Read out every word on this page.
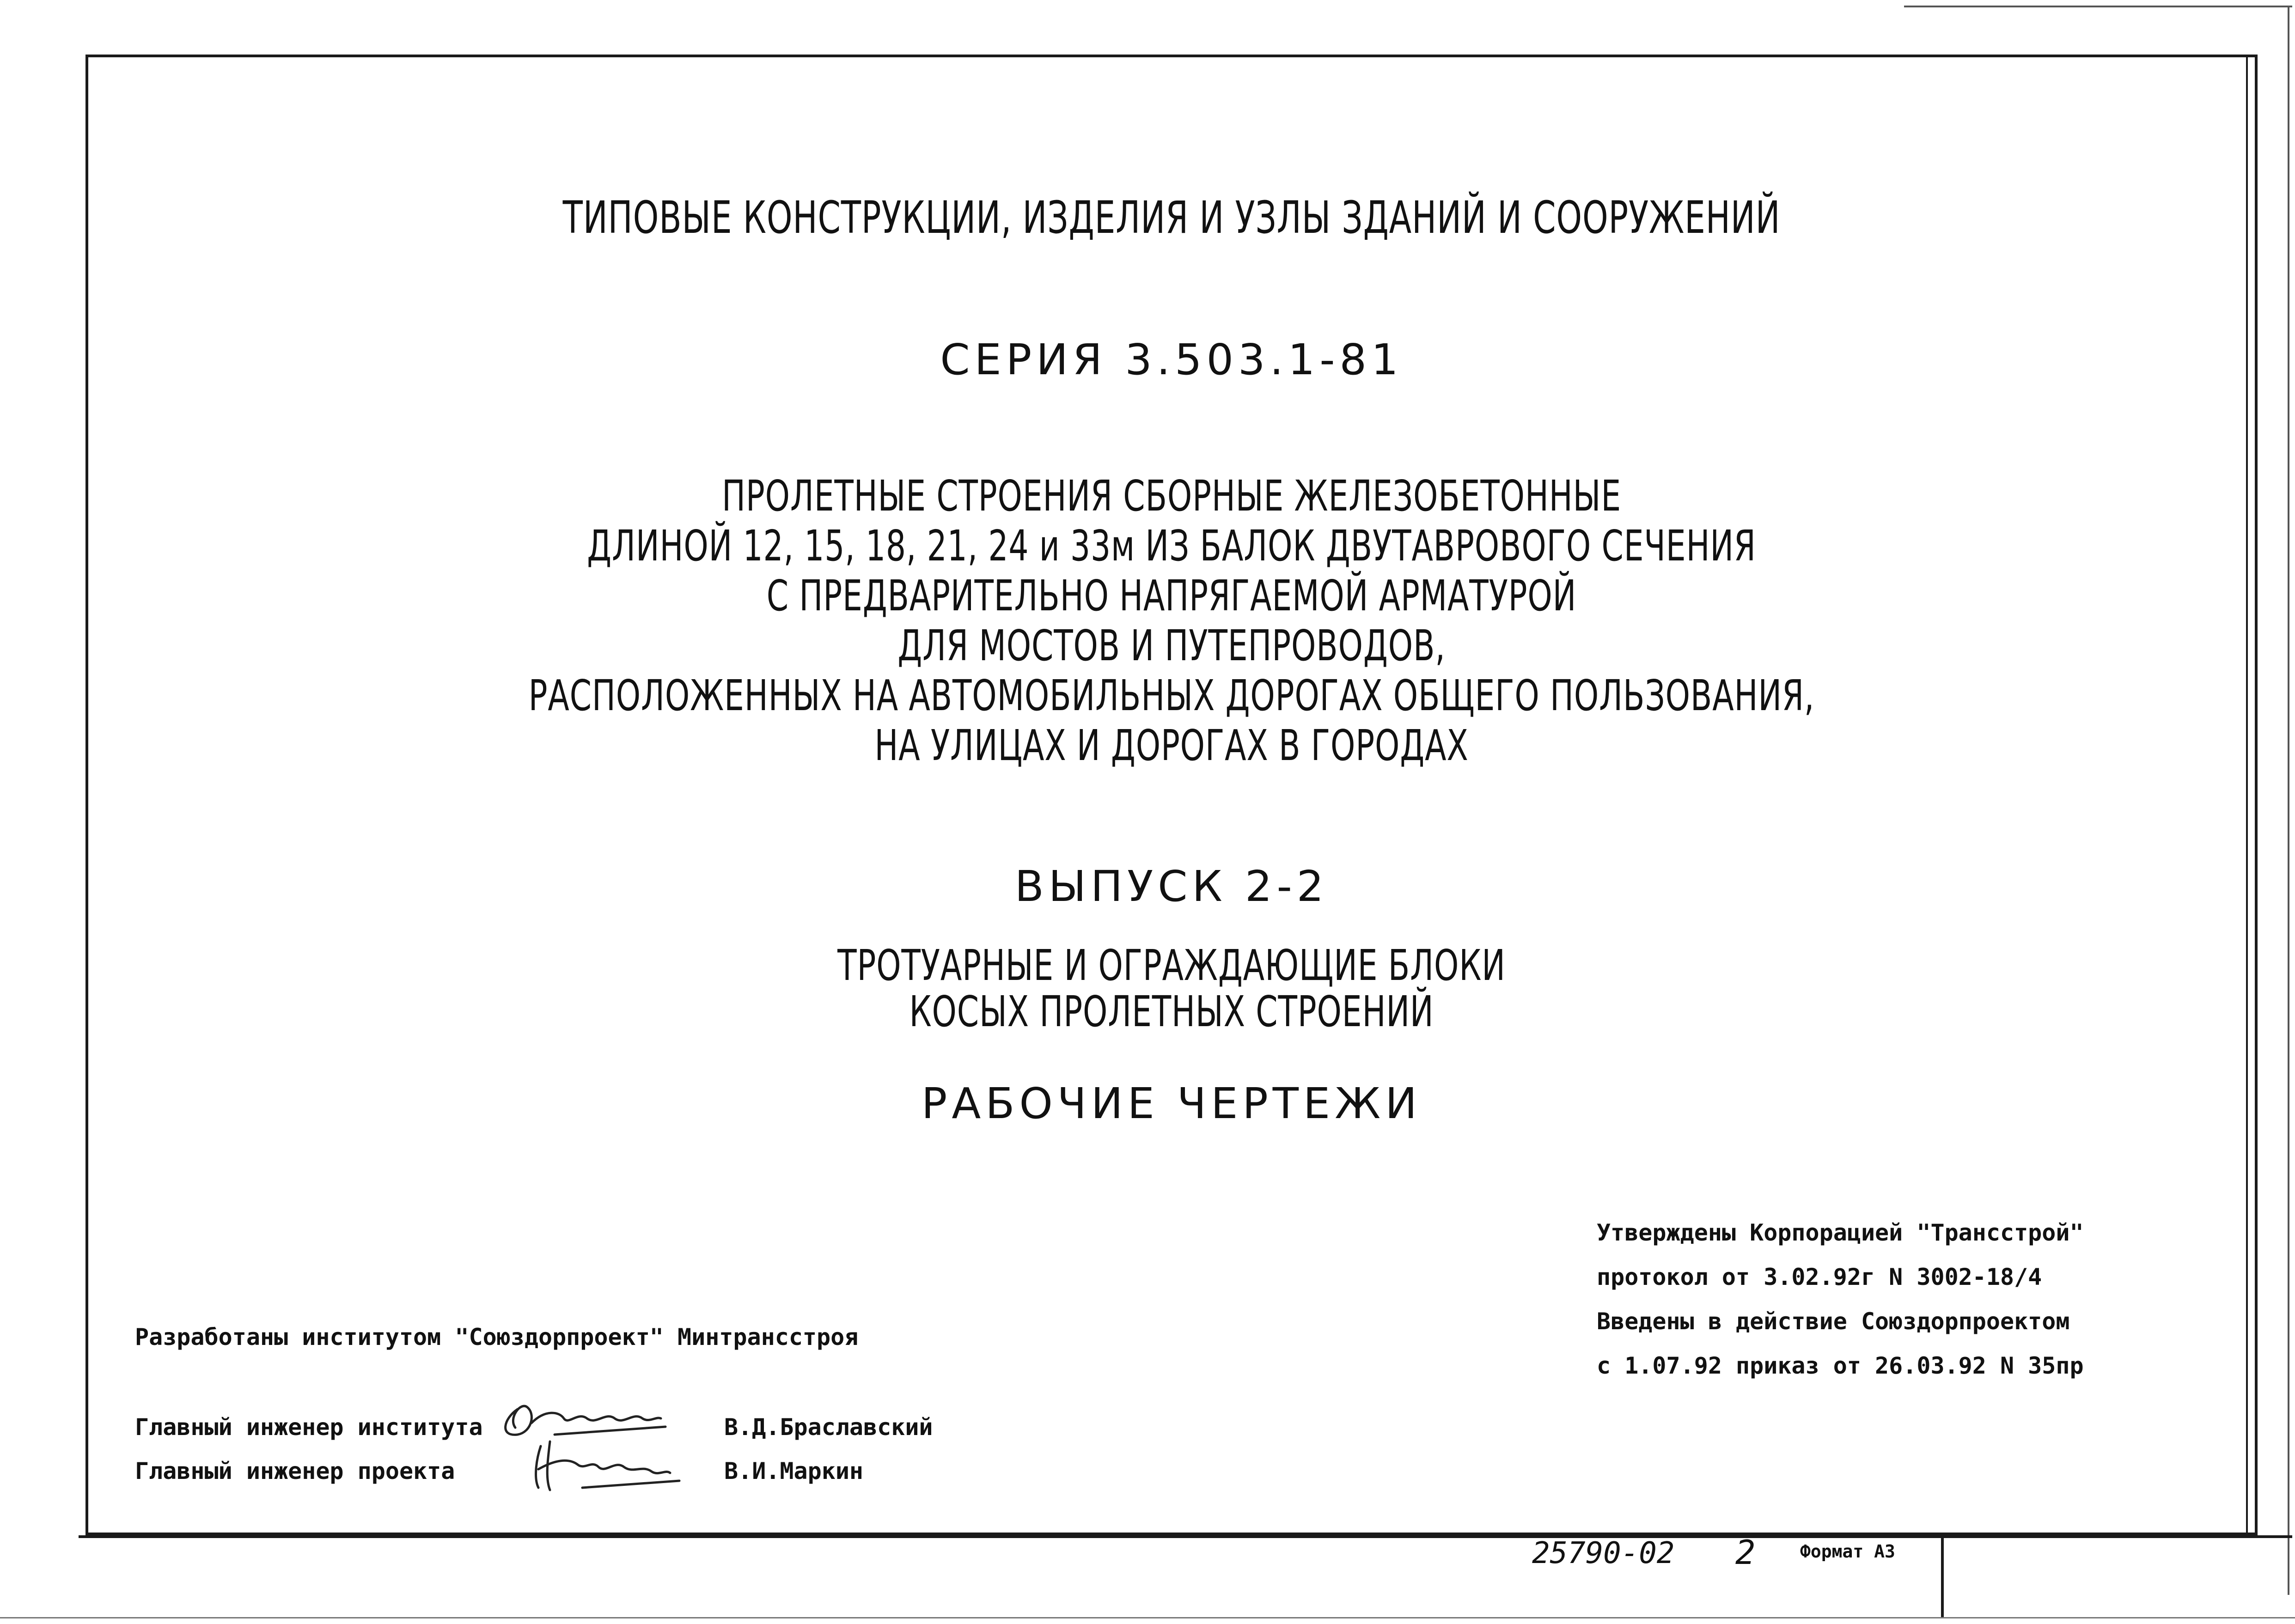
ТИПОВЫЕ КОНСТРУКЦИИ, ИЗДЕЛИЯ И УЗЛЫ ЗДАНИЙ И СООРУЖЕНИЙ
СЕРИЯ 3.503.1-81
ПРОЛЕТНЫЕ СТРОЕНИЯ СБОРНЫЕ ЖЕЛЕЗОБЕТОННЫЕ
ДЛИНОЙ 12, 15, 18, 21, 24 и 33м ИЗ БАЛОК ДВУТАВРОВОГО СЕЧЕНИЯ
С ПРЕДВАРИТЕЛЬНО НАПРЯГАЕМОЙ АРМАТУРОЙ
ДЛЯ МОСТОВ И ПУТЕПРОВОДОВ,
РАСПОЛОЖЕННЫХ НА АВТОМОБИЛЬНЫХ ДОРОГАХ ОБЩЕГО ПОЛЬЗОВАНИЯ,
НА УЛИЦАХ И ДОРОГАХ В ГОРОДАХ
ВЫПУСК 2-2
ТРОТУАРНЫЕ И ОГРАЖДАЮЩИЕ БЛОКИ
КОСЫХ ПРОЛЕТНЫХ СТРОЕНИЙ
РАБОЧИЕ ЧЕРТЕЖИ
Утверждены Корпорацией "Трансстрой"
протокол от 3.02.92г N 3002-18/4
Введены в действие Союздорпроектом
с 1.07.92 приказ от 26.03.92 N 35пр
Разработаны институтом "Союздорпроект" Минтрансстроя
Главный инженер института	В.Д.Браславский
Главный инженер проекта	В.И.Маркин
25790-02 2	Формат А3
